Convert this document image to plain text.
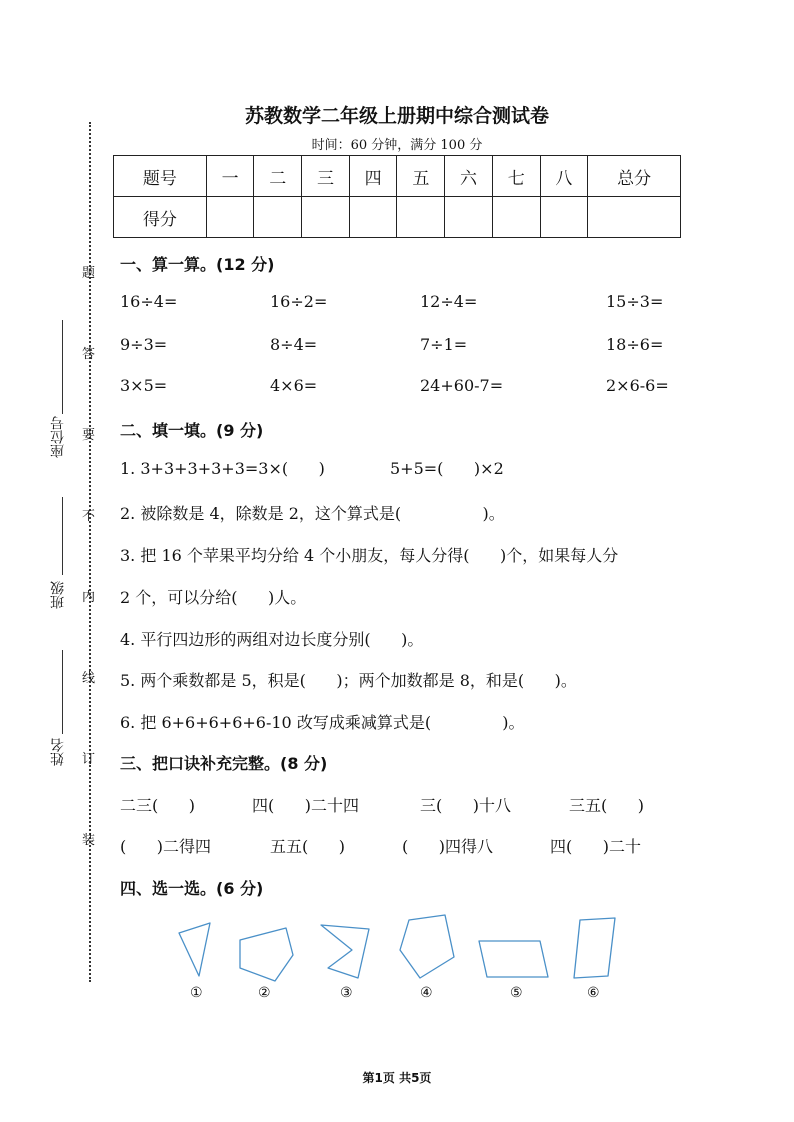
苏教数学二年级上册期中综合测试卷
时间：60 分钟，满分 100 分
题号	一	二	三	四	五	六	七	八	总分
得分									
题
答
要
不
内
线
订
装
座位号
班级
姓名
一、算一算。(12 分)
16÷4=	16÷2=	12÷4=	15÷3=
9÷3=	8÷4=	7÷1=	18÷6=
3×5=	4×6=	24+60-7=	2×6-6=
二、填一填。(9 分)
1. 3+3+3+3+3=3×(      )	5+5=(      )×2
2. 被除数是 4，除数是 2，这个算式是(                )。
3. 把 16 个苹果平均分给 4 个小朋友，每人分得(      )个，如果每人分
2 个，可以分给(      )人。
4. 平行四边形的两组对边长度分别(      )。
5. 两个乘数都是 5，积是(      )；两个加数都是 8，和是(      )。
6. 把 6+6+6+6+6-10 改写成乘减算式是(              )。
三、把口诀补充完整。(8 分)
二三(      )	四(      )二十四	三(      )十八	三五(      )
(      )二得四	五五(      )	(      )四得八	四(      )二十
四、选一选。(6 分)
①	②	③	④	⑤	⑥
第1页 共5页
